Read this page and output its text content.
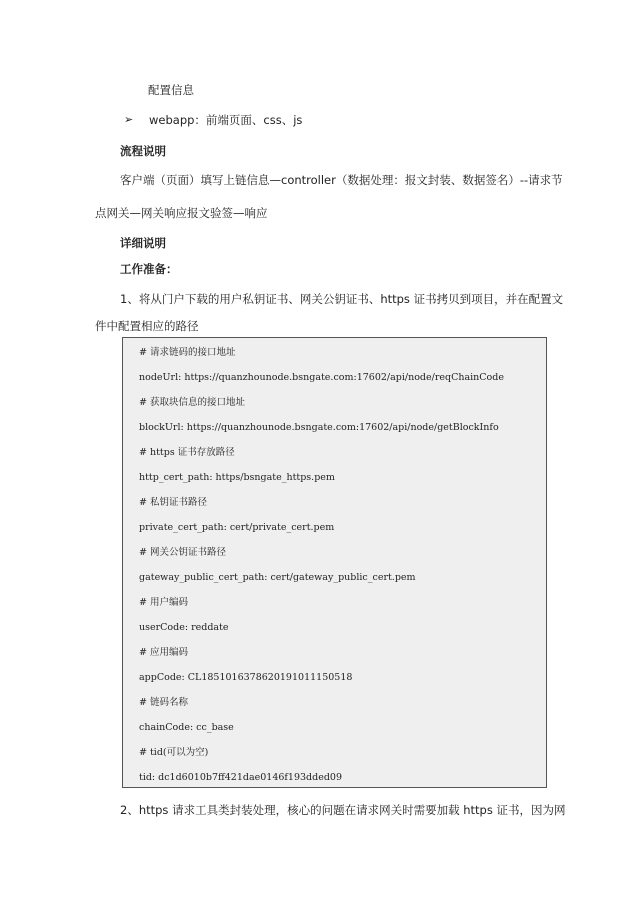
配置信息
➢ webapp：前端页面、css、js
流程说明
客户端（页面）填写上链信息—controller（数据处理：报文封装、数据签名）--请求节
点网关—网关响应报文验签—响应
详细说明
工作准备：
1、将从门户下载的用户私钥证书、网关公钥证书、https 证书拷贝到项目，并在配置文
件中配置相应的路径
# 请求链码的接口地址
nodeUrl: https://quanzhounode.bsngate.com:17602/api/node/reqChainCode
# 获取块信息的接口地址
blockUrl: https://quanzhounode.bsngate.com:17602/api/node/getBlockInfo
# https 证书存放路径
http_cert_path: https/bsngate_https.pem
# 私钥证书路径
private_cert_path: cert/private_cert.pem
# 网关公钥证书路径
gateway_public_cert_path: cert/gateway_public_cert.pem
# 用户编码
userCode: reddate
# 应用编码
appCode: CL1851016378620191011150518
# 链码名称
chainCode: cc_base
# tid(可以为空)
tid: dc1d6010b7ff421dae0146f193dded09
2、https 请求工具类封装处理，核心的问题在请求网关时需要加载 https 证书，因为网
